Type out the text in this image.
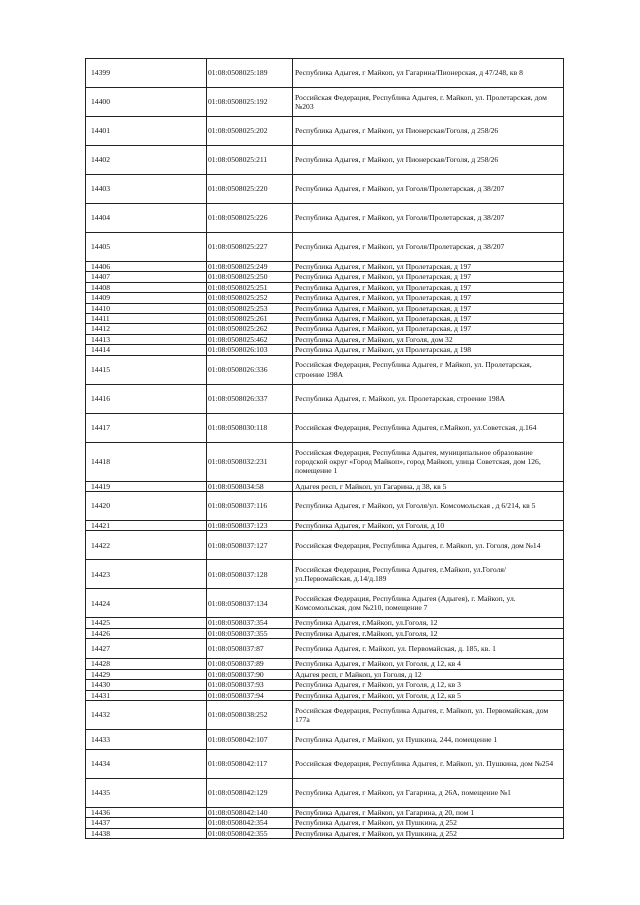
14399	01:08:0508025:189	Республика Адыгея, г Майкоп, ул Гагарина/Пионерская, д 47/248, кв 8
14400	01:08:0508025:192	Российская Федерация, Республика Адыгея, г. Майкоп, ул. Пролетарская, дом №203
14401	01:08:0508025:202	Республика Адыгея, г Майкоп, ул Пионерская/Гоголя, д 258/26
14402	01:08:0508025:211	Республика Адыгея, г Майкоп, ул Пионерская/Гоголя, д 258/26
14403	01:08:0508025:220	Республика Адыгея, г Майкоп, ул Гоголя/Пролетарская, д 38/207
14404	01:08:0508025:226	Республика Адыгея, г Майкоп, ул Гоголя/Пролетарская, д 38/207
14405	01:08:0508025:227	Республика Адыгея, г Майкоп, ул Гоголя/Пролетарская, д 38/207
14406	01:08:0508025:249	Республика Адыгея, г Майкоп, ул Пролетарская, д 197
14407	01:08:0508025:250	Республика Адыгея, г Майкоп, ул Пролетарская, д 197
14408	01:08:0508025:251	Республика Адыгея, г Майкоп, ул Пролетарская, д 197
14409	01:08:0508025:252	Республика Адыгея, г Майкоп, ул Пролетарская, д 197
14410	01:08:0508025:253	Республика Адыгея, г Майкоп, ул Пролетарская, д 197
14411	01:08:0508025:261	Республика Адыгея, г Майкоп, ул Пролетарская, д 197
14412	01:08:0508025:262	Республика Адыгея, г Майкоп, ул Пролетарская, д 197
14413	01:08:0508025:462	Республика Адыгея, г Майкоп, ул Гоголя, дом 32
14414	01:08:0508026:103	Республика Адыгея, г Майкоп, ул Пролетарская, д 198
14415	01:08:0508026:336	Российская Федерация, Республика Адыгея, г Майкоп, ул. Пролетарская, строение 198А
14416	01:08:0508026:337	Республика Адыгея, г. Майкоп, ул. Пролетарская, строение 198А
14417	01:08:0508030:118	Российская Федерация, Республика Адыгея, г.Майкоп, ул.Советская, д.164
14418	01:08:0508032:231	Российская Федерация, Республика Адыгея, муниципальное образование городской округ «Город Майкоп», город Майкоп, улица Советская, дом 126, помещение 1
14419	01:08:0508034:58	Адыгея респ, г Майкоп, ул Гагарина, д 38, кв 5
14420	01:08:0508037:116	Республика Адыгея, г Майкоп, ул Гоголя/ул. Комсомольская , д 6/214, кв 5
14421	01:08:0508037:123	Республика Адыгея, г Майкоп, ул Гоголя, д 10
14422	01:08:0508037:127	Российская Федерация, Республика Адыгея, г. Майкоп, ул. Гоголя, дом №14
14423	01:08:0508037:128	Российская Федерация, Республика Адыгея, г.Майкоп, ул.Гоголя/ул.Первомайская, д.14/д.189
14424	01:08:0508037:134	Российская Федерация, Республика Адыгея (Адыгея), г. Майкоп, ул. Комсомольская, дом №210, помещение 7
14425	01:08:0508037:354	Республика Адыгея, г.Майкоп, ул.Гоголя, 12
14426	01:08:0508037:355	Республика Адыгея, г.Майкоп, ул.Гоголя, 12
14427	01:08:0508037:87	Республика Адыгея, г. Майкоп, ул. Первомайская, д. 185, кв. 1
14428	01:08:0508037:89	Республика Адыгея, г Майкоп, ул Гоголя, д 12, кв 4
14429	01:08:0508037:90	Адыгея респ, г Майкоп, ул Гоголя, д 12
14430	01:08:0508037:93	Республика Адыгея, г Майкоп, ул Гоголя, д 12, кв 3
14431	01:08:0508037:94	Республика Адыгея, г Майкоп, ул Гоголя, д 12, кв 5
14432	01:08:0508038:252	Российская Федерация, Республика Адыгея, г. Майкоп, ул. Первомайская, дом 177а
14433	01:08:0508042:107	Республика Адыгея, г Майкоп, ул Пушкина, 244, помещение 1
14434	01:08:0508042:117	Российская Федерация, Республика Адыгея, г. Майкоп, ул. Пушкина, дом №254
14435	01:08:0508042:129	Республика Адыгея, г Майкоп, ул Гагарина, д 26А, помещение №1
14436	01:08:0508042:140	Республика Адыгея, г Майкоп, ул Гагарина, д 20, пом 1
14437	01:08:0508042:354	Республика Адыгея, г Майкоп, ул Пушкина, д 252
14438	01:08:0508042:355	Республика Адыгея, г Майкоп, ул Пушкина, д 252
